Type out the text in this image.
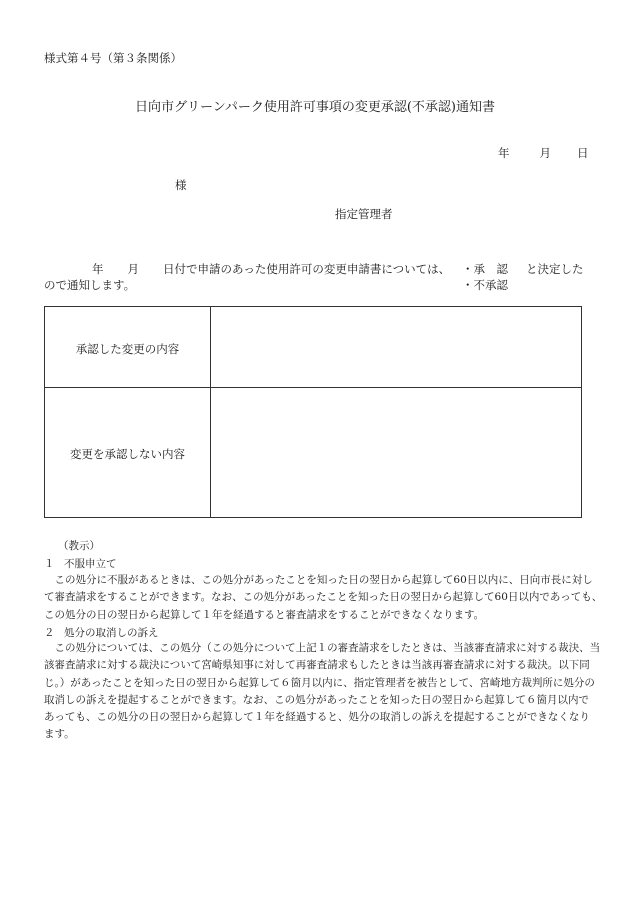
様式第４号（第３条関係）
日向市グリーンパーク使用許可事項の変更承認(不承認)通知書
年	月 日
様
指定管理者
年 月 日付で申請のあった使用許可の変更申請書については、 ・承　認 と決定した
ので通知します。	・不承認
承認した変更の内容
変更を承認しない内容
（教示）
１ 不服申立て
　この処分に不服があるときは、この処分があったことを知った日の翌日から起算して60日以内に、日向市長に対し
て審査請求をすることができます。なお、この処分があったことを知った日の翌日から起算して60日以内であっても、
この処分の日の翌日から起算して１年を経過すると審査請求をすることができなくなります。
２ 処分の取消しの訴え
　この処分については、この処分（この処分について上記１の審査請求をしたときは、当該審査請求に対する裁決、当
該審査請求に対する裁決について宮崎県知事に対して再審査請求もしたときは当該再審査請求に対する裁決。以下同
じ。）があったことを知った日の翌日から起算して６箇月以内に、指定管理者を被告として、宮崎地方裁判所に処分の
取消しの訴えを提起することができます。なお、この処分があったことを知った日の翌日から起算して６箇月以内で
あっても、この処分の日の翌日から起算して１年を経過すると、処分の取消しの訴えを提起することができなくなり
ます。
